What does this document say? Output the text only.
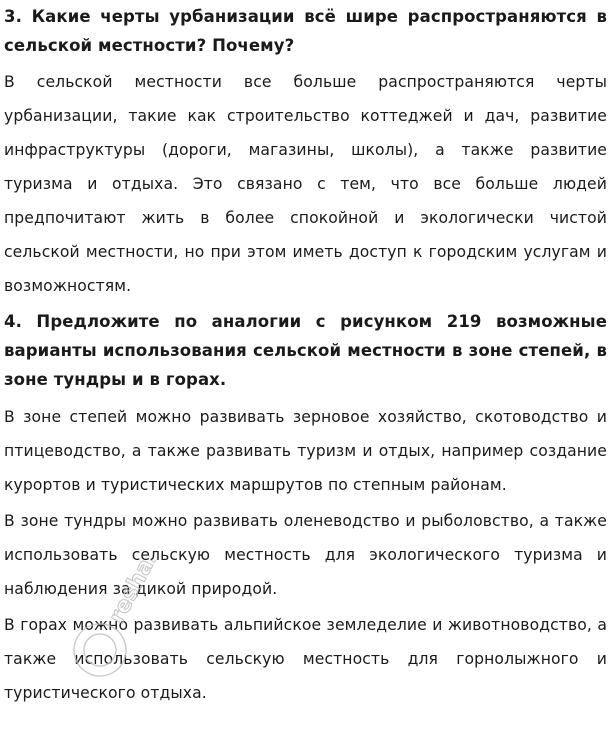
3. Какие черты урбанизации всё шире распространяются в сельской местности? Почему?

В сельской местности все больше распространяются черты урбанизации, такие как строительство коттеджей и дач, развитие инфраструктуры (дороги, магазины, школы), а также развитие туризма и отдыха. Это связано с тем, что все больше людей предпочитают жить в более спокойной и экологически чистой сельской местности, но при этом иметь доступ к городским услугам и возможностям.

4. Предложите по аналогии с рисунком 219 возможные варианты использования сельской местности в зоне степей, в зоне тундры и в горах.

В зоне степей можно развивать зерновое хозяйство, скотоводство и птицеводство, а также развивать туризм и отдых, например создание курортов и туристических маршрутов по степным районам.

В зоне тундры можно развивать оленеводство и рыболовство, а также использовать сельскую местность для экологического туризма и наблюдения за дикой природой.

В горах можно развивать альпийское земледелие и животноводство, а также использовать сельскую местность для горнолыжного и туристического отдыха.

reshak.ru
